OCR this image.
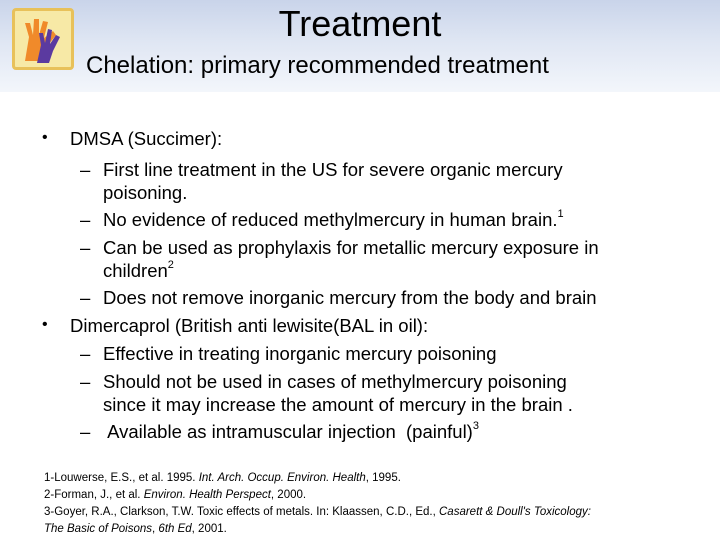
Treatment
Chelation: primary recommended treatment
• DMSA (Succimer):
– First line treatment in the US for severe organic mercury
poisoning.
– No evidence of reduced methylmercury in human brain.$^1$
– Can be used as prophylaxis for metallic mercury exposure in
children$^2$
– Does not remove inorganic mercury from the body and brain
• Dimercaprol (British anti lewisite(BAL in oil):
– Effective in treating inorganic mercury poisoning
– Should not be used in cases of methylmercury poisoning
since it may increase the amount of mercury in the brain .
– Available as intramuscular injection  (painful)$^3$
1-Louwerse, E.S., et al. 1995. Int. Arch. Occup. Environ. Health, 1995.
2-Forman, J., et al. Environ. Health Perspect, 2000.
3-Goyer, R.A., Clarkson, T.W. Toxic effects of metals. In: Klaassen, C.D., Ed., Casarett & Doull's Toxicology:
The Basic of Poisons, 6th Ed, 2001.
